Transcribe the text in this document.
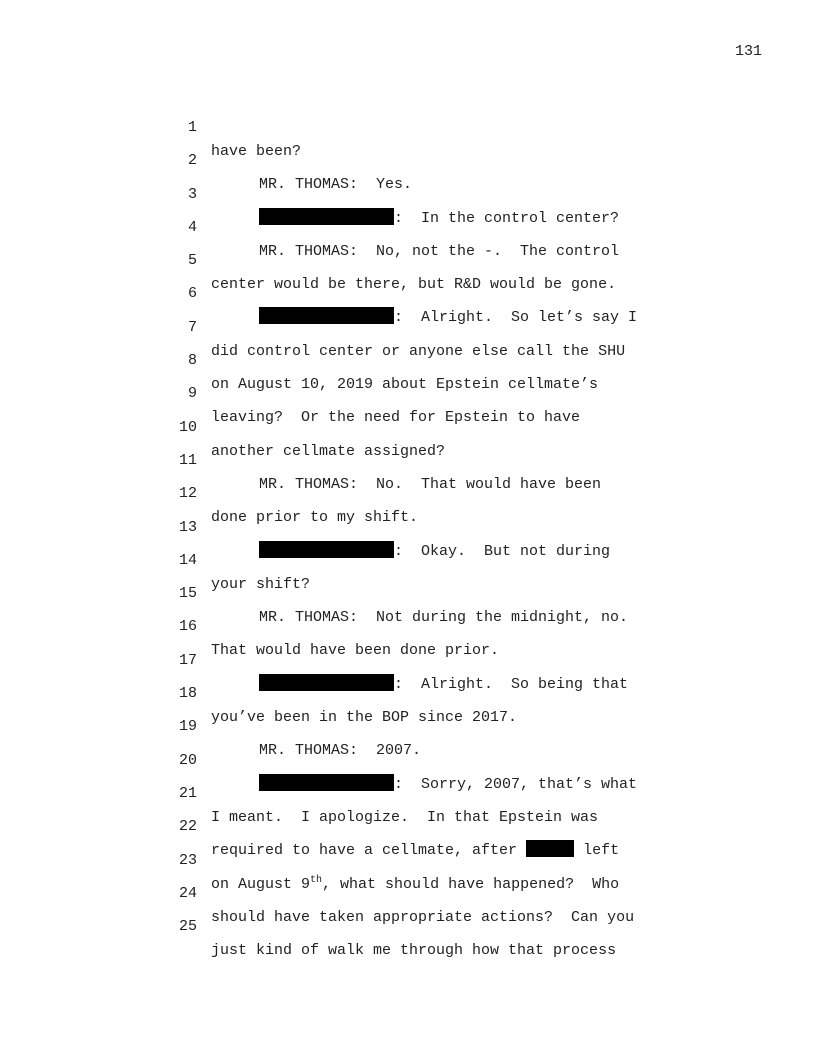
131

1

have been?

2

MR. THOMAS:  Yes.

3

:  In the control center?

4

MR. THOMAS:  No, not the -.  The control

5

center would be there, but R&D would be gone.

6

:  Alright.  So let’s say I

7

did control center or anyone else call the SHU

8

on August 10, 2019 about Epstein cellmate’s

9

leaving?  Or the need for Epstein to have

10

another cellmate assigned?

11

MR. THOMAS:  No.  That would have been

12

done prior to my shift.

13

:  Okay.  But not during

14

your shift?

15

MR. THOMAS:  Not during the midnight, no.

16

That would have been done prior.

17

:  Alright.  So being that

18

you’ve been in the BOP since 2017.

19

MR. THOMAS:  2007.

20

:  Sorry, 2007, that’s what

21

I meant.  I apologize.  In that Epstein was

22

required to have a cellmate, after	left

23

on August 9th, what should have happened?  Who

24

should have taken appropriate actions?  Can you

25

just kind of walk me through how that process
